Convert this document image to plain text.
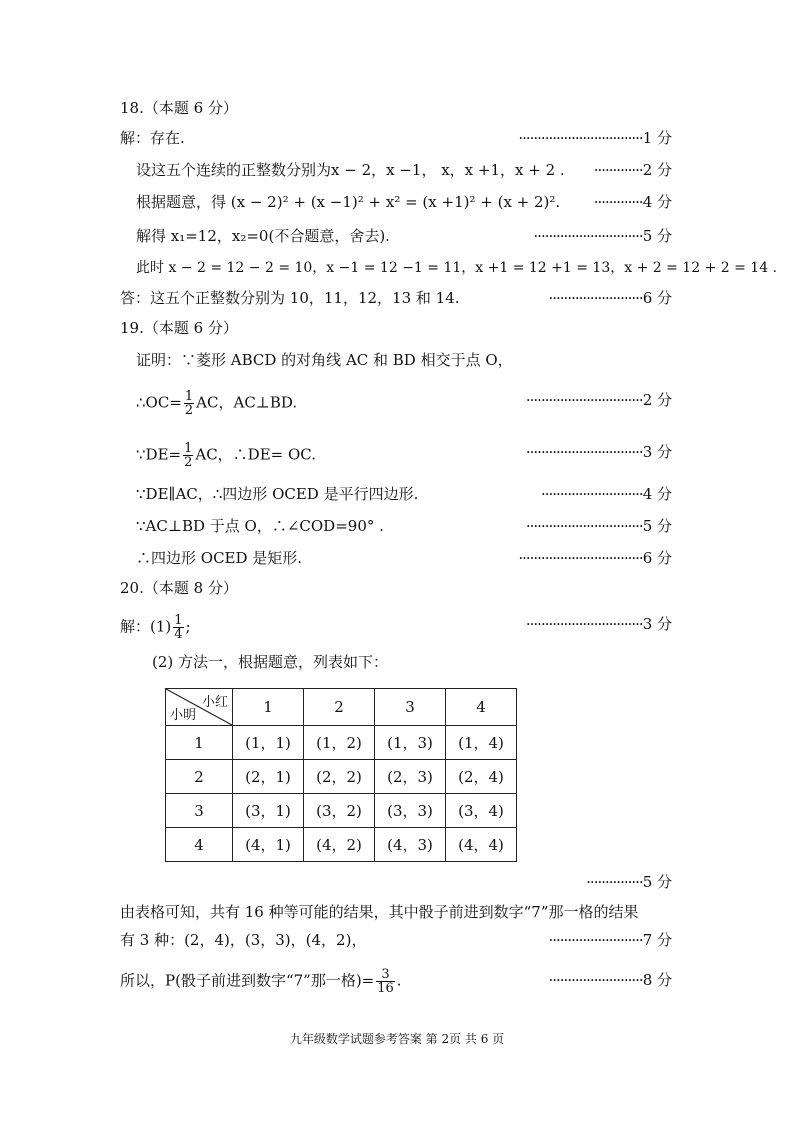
18.（本题 6 分）
解：存在.	·································1 分
设这五个连续的正整数分别为x − 2，x −1， x，x +1，x + 2 . ·············2 分
根据题意，得 (x − 2)² + (x −1)² + x² = (x +1)² + (x + 2)². ·············4 分
解得 x₁=12，x₂=0(不合题意，舍去).	·····························5 分
此时 x − 2 = 12 − 2 = 10，x −1 = 12 −1 = 11，x +1 = 12 +1 = 13，x + 2 = 12 + 2 = 14 .
答：这五个正整数分别为 10，11，12，13 和 14.	·························6 分
19.（本题 6 分）
证明：∵菱形 ABCD 的对角线 AC 和 BD 相交于点 O，
∴OC= $\frac{1}{2}$ AC，AC⊥BD.	·······························2 分
∵DE= $\frac{1}{2}$ AC，∴DE= OC.	·······························3 分
∵DE∥AC，∴四边形 OCED 是平行四边形.	···························4 分
∵AC⊥BD 于点 O，∴∠COD=90° .	·······························5 分
∴四边形 OCED 是矩形.	·································6 分
20.（本题 8 分）
解：$(1) \frac{1}{4}$ ;	·······························3 分
(2) 方法一，根据题意，列表如下：
小红
小明	1	2	3	4
1	(1，1)	(1，2)	(1，3)	(1，4)
2	(2，1)	(2，2)	(2，3)	(2，4)
3	(3，1)	(3，2)	(3，3)	(3，4)
4	(4，1)	(4，2)	(4，3)	(4，4)
···············5 分
由表格可知，共有 16 种等可能的结果，其中骰子前进到数字“7”那一格的结果
有 3 种：(2，4)，(3，3)，(4，2)，	·························7 分
所以，P(骰子前进到数字“7”那一格)= $\frac{3}{16}$ .	·························8 分
九年级数学试题参考答案 第 2页 共 6 页
